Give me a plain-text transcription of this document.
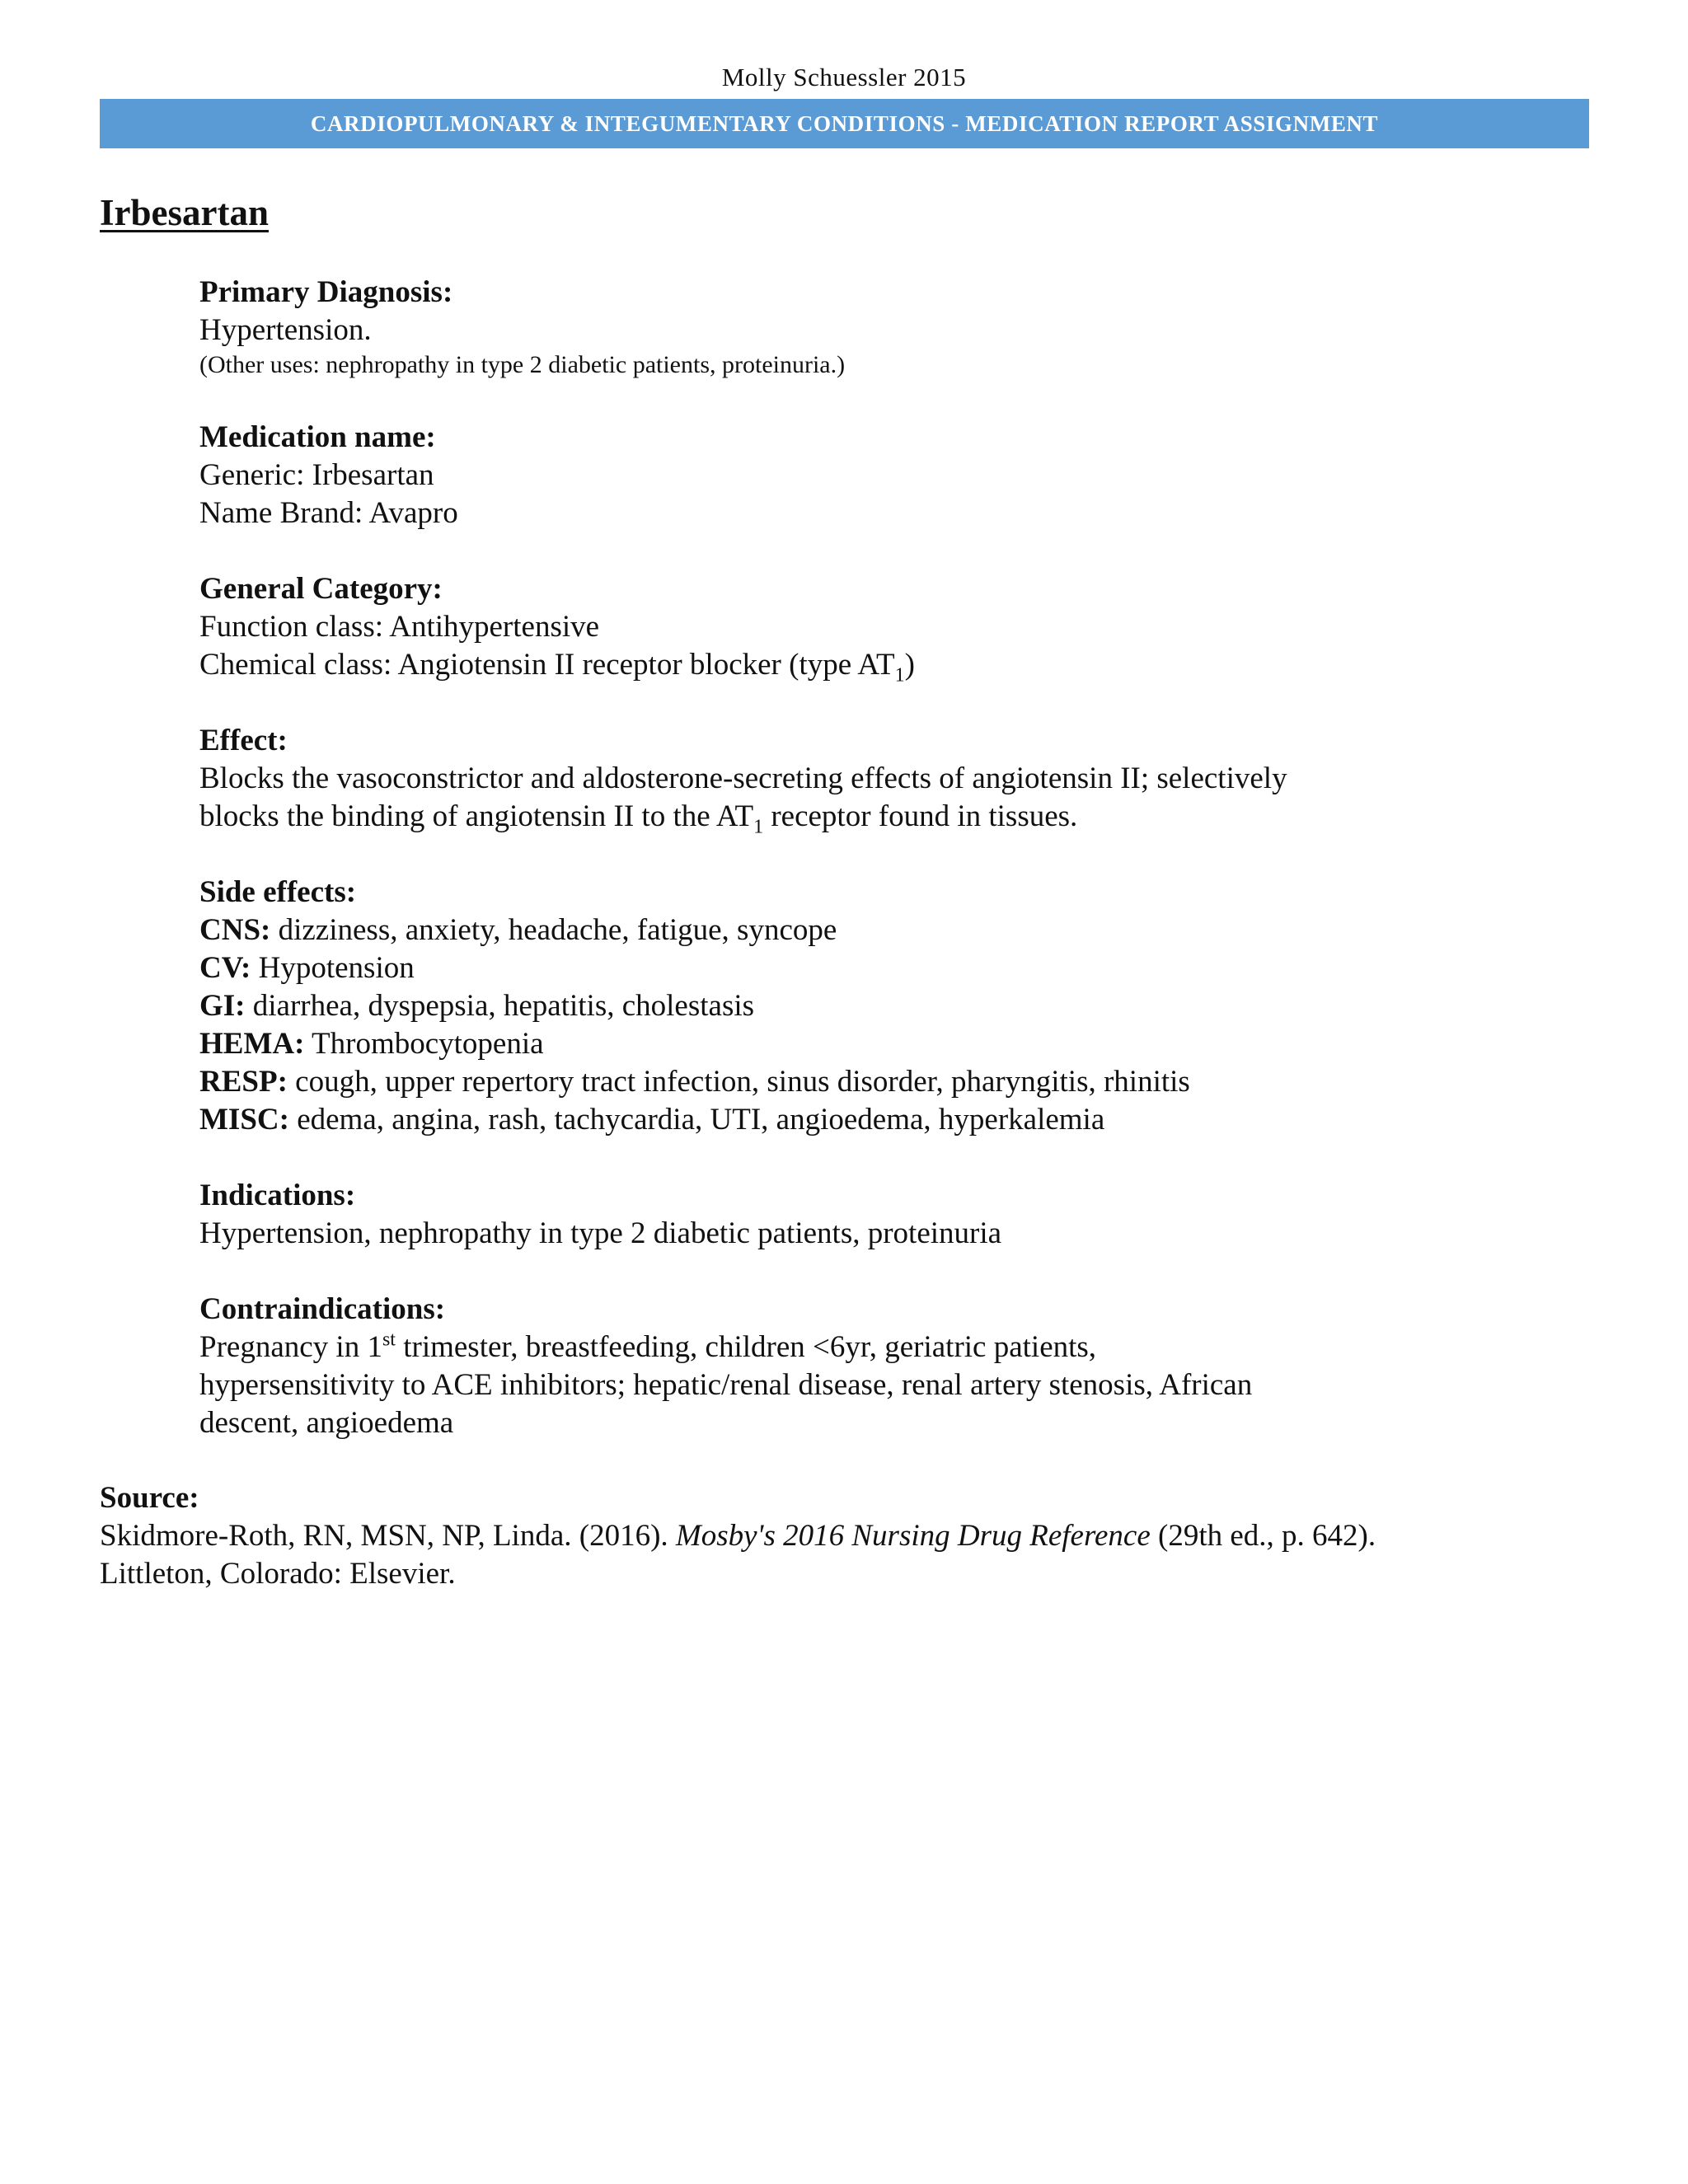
Molly Schuessler 2015
CARDIOPULMONARY & INTEGUMENTARY CONDITIONS - MEDICATION REPORT ASSIGNMENT
Irbesartan
Primary Diagnosis:
Hypertension.
(Other uses: nephropathy in type 2 diabetic patients, proteinuria.)
Medication name:
Generic: Irbesartan
Name Brand: Avapro
General Category:
Function class: Antihypertensive
Chemical class: Angiotensin II receptor blocker (type $AT_1$)
Effect:
Blocks the vasoconstrictor and aldosterone-secreting effects of angiotensin II; selectively
blocks the binding of angiotensin II to the $AT_1$ receptor found in tissues.
Side effects:
CNS: dizziness, anxiety, headache, fatigue, syncope
CV: Hypotension
GI: diarrhea, dyspepsia, hepatitis, cholestasis
HEMA: Thrombocytopenia
RESP: cough, upper repertory tract infection, sinus disorder, pharyngitis, rhinitis
MISC: edema, angina, rash, tachycardia, UTI, angioedema, hyperkalemia
Indications:
Hypertension, nephropathy in type 2 diabetic patients, proteinuria
Contraindications:
Pregnancy in 1st trimester, breastfeeding, children <6yr, geriatric patients,
hypersensitivity to ACE inhibitors; hepatic/renal disease, renal artery stenosis, African
descent, angioedema
Source:
Skidmore-Roth, RN, MSN, NP, Linda. (2016). Mosby's 2016 Nursing Drug Reference (29th ed., p. 642).
Littleton, Colorado: Elsevier.
